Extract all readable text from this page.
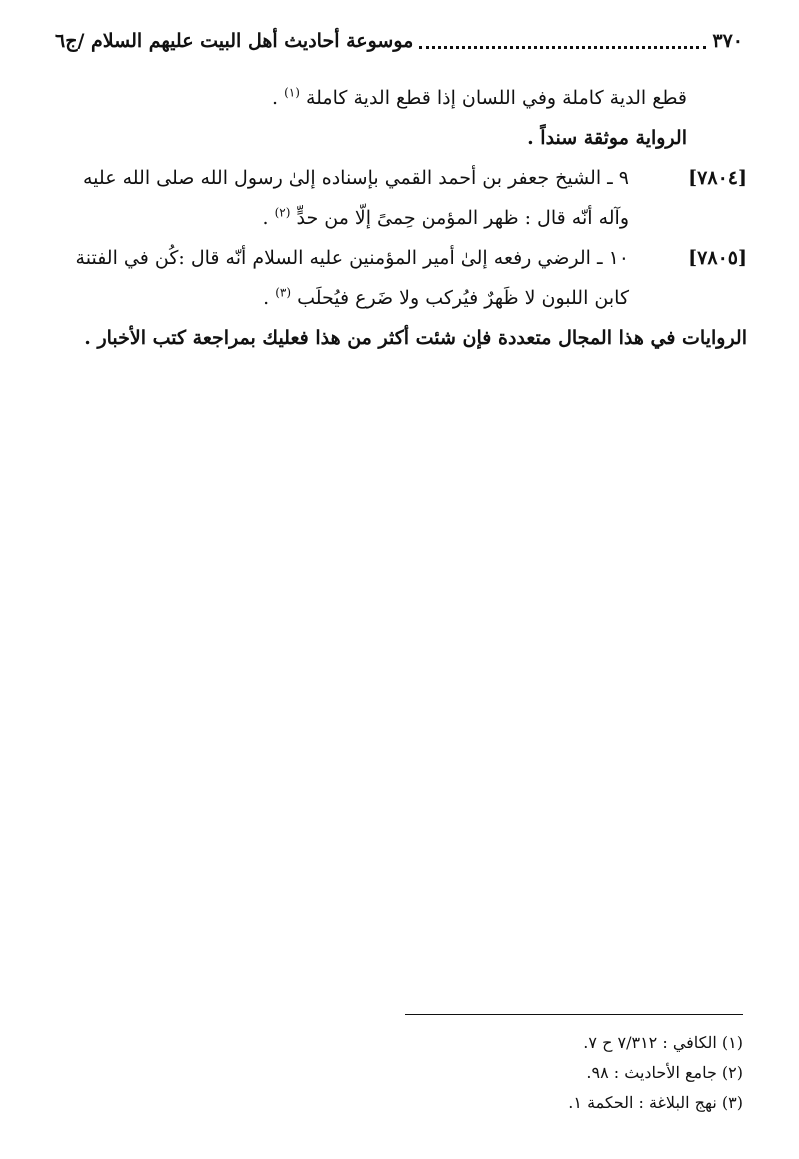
٣٧٠
موسوعة أحاديث أهل البيت عليهم السلام /ج٦

قطع الدية كاملة وفي اللسان إذا قطع الدية كاملة $^{(١)}$ .

الرواية موثقة سنداً .

[٧٨٠٤]
٩ ـ الشيخ جعفر بن أحمد القمي بإسناده إلىٰ رسول الله صلى الله عليه وآله أنّه قال : ظهر المؤمن حِمىً إلّا من حدٍّ $^{(٢)}$ .
[٧٨٠٥]
١٠ ـ الرضي رفعه إلىٰ أمير المؤمنين عليه السلام أنّه قال :كُن في الفتنة كابن اللبون لا ظَهرٌ فيُركب ولا ضَرع فيُحلَب $^{(٣)}$ .

الروايات في هذا المجال متعددة فإن شئت أكثر من هذا فعليك بمراجعة كتب الأخبار .

(١) الكافي : ٧/٣١٢ ح ٧.

(٢) جامع الأحاديث : ٩٨.

(٣) نهج البلاغة : الحكمة ١.
